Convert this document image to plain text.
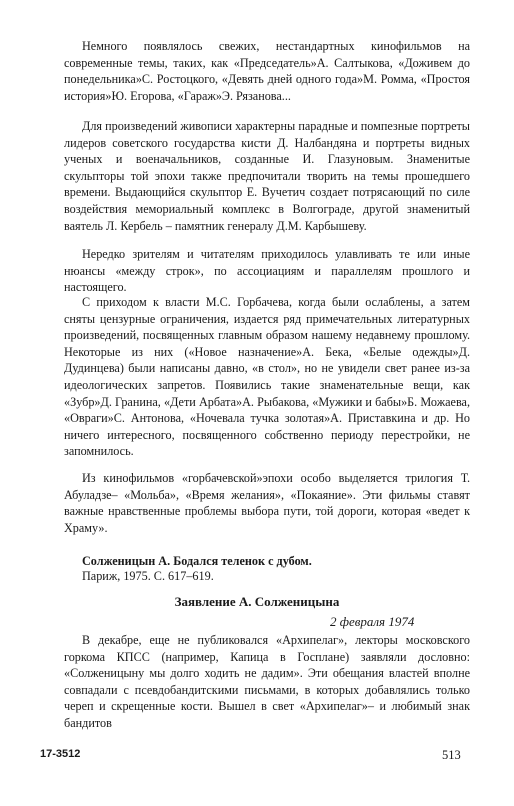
Немного появлялось свежих, нестандартных кинофильмов на современные темы, таких, как «Председатель»А. Салтыкова, «Доживем до понедельника»С. Ростоцкого, «Девять дней одного года»М. Ромма, «Простоя история»Ю. Егорова, «Гараж»Э. Рязанова...

Для произведений живописи характерны парадные и помпезные портреты лидеров советского государства кисти Д. Налбандяна и портреты видных ученых и военачальников, созданные И. Глазуновым. Знаменитые скульпторы той эпохи также предпочитали творить на темы прошедшего времени. Выдающийся скульптор Е. Вучетич создает потрясающий по силе воздействия мемориальный комплекс в Волгограде, другой знаменитый ваятель Л. Кербель – памятник генералу Д.М. Карбышеву.

Нередко зрителям и читателям приходилось улавливать те или иные нюансы «между строк», по ассоциациям и параллелям прошлого и настоящего.

С приходом к власти М.С. Горбачева, когда были ослаблены, а затем сняты цензурные ограничения, издается ряд примечательных литературных произведений, посвященных главным образом нашему недавнему прошлому. Некоторые из них («Новое назначение»А. Бека, «Белые одежды»Д. Дудинцева) были написаны давно, «в стол», но не увидели свет ранее из-за идеологических запретов. Появились такие знаменательные вещи, как «Зубр»Д. Гранина, «Дети Арбата»А. Рыбакова, «Мужики и бабы»Б. Можаева, «Овраги»С. Антонова, «Ночевала тучка золотая»А. Приставкина и др. Но ничего интересного, посвященного собственно периоду перестройки, не запомнилось.

Из кинофильмов «горбачевской»эпохи особо выделяется трилогия Т. Абуладзе– «Мольба», «Время желания», «Покаяние». Эти фильмы ставят важные нравственные проблемы выбора пути, той дороги, которая «ведет к Храму».

Солженицын А. Бодался теленок с дубом.
Париж, 1975. С. 617–619.
Заявление А. Солженицына
2 февраля 1974

В декабре, еще не публиковался «Архипелаг», лекторы московского горкома КПСС (например, Капица в Госплане) заявляли дословно: «Солженицыну мы долго ходить не дадим». Эти обещания властей вполне совпадали с псевдобандитскими письмами, в которых добавлялись только череп и скрещенные кости. Вышел в свет «Архипелаг»– и любимый знак бандитов

17-3512	513
